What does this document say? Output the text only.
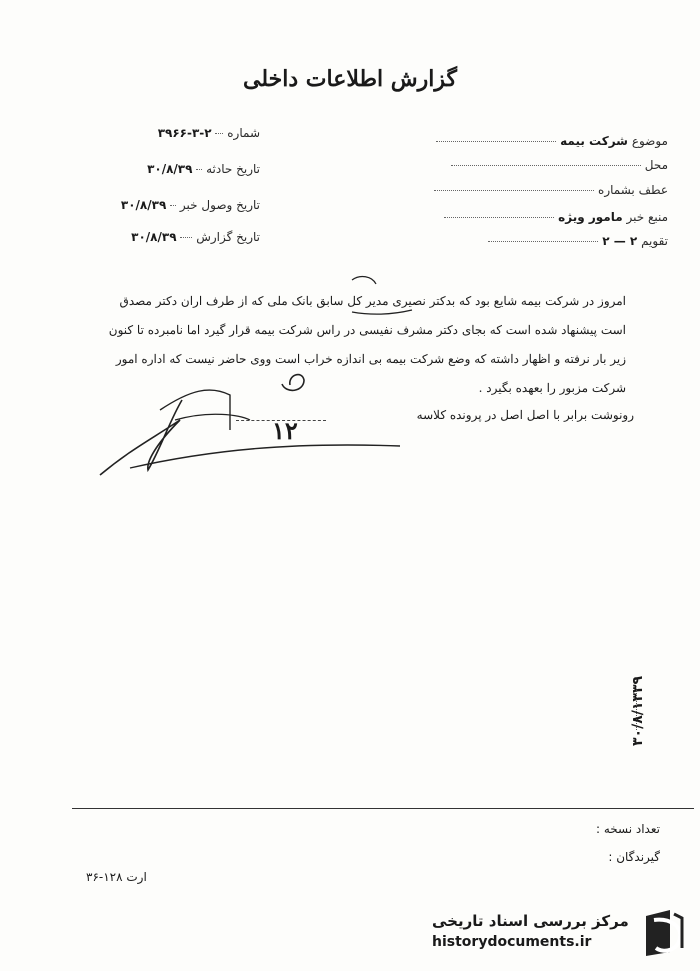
گزارش اطلاعات داخلی
شماره  ۲-۳-۳۹۶۶
تاریخ حادثه  ۳۰/۸/۳۹
تاریخ وصول خبر  ۳۰/۸/۳۹
تاریخ گزارش  ۳۰/۸/۳۹
موضوع شرکت بیمه
محل
عطف بشماره
منبع خبر مامور ویژه
تقویم ۲ — ۲
امروز در شرکت بیمه شایع بود که بدکتر نصیری مدیر کل سابق بانک ملی که از طرف اران دکتر مصدق
است پیشنهاد شده است که بجای دکتر مشرف نفیسی در راس شرکت بیمه قرار گیرد اما نامبرده تا کنون
زیر بار نرفته و اظهار داشته که وضع شرکت بیمه بی اندازه خراب است ووی حاضر نیست که اداره امور
شرکت مزبور را بعهده بگیرد .
رونوشت برابر با اصل اصل در پرونده کلاسه
۱۲
۳۰/۸/۱۳۳۹
تعداد نسخه :
گیرندگان :
۳۶-۱۲۸ ارت
مرکز بررسی اسناد تاریخی
historydocuments.ir
